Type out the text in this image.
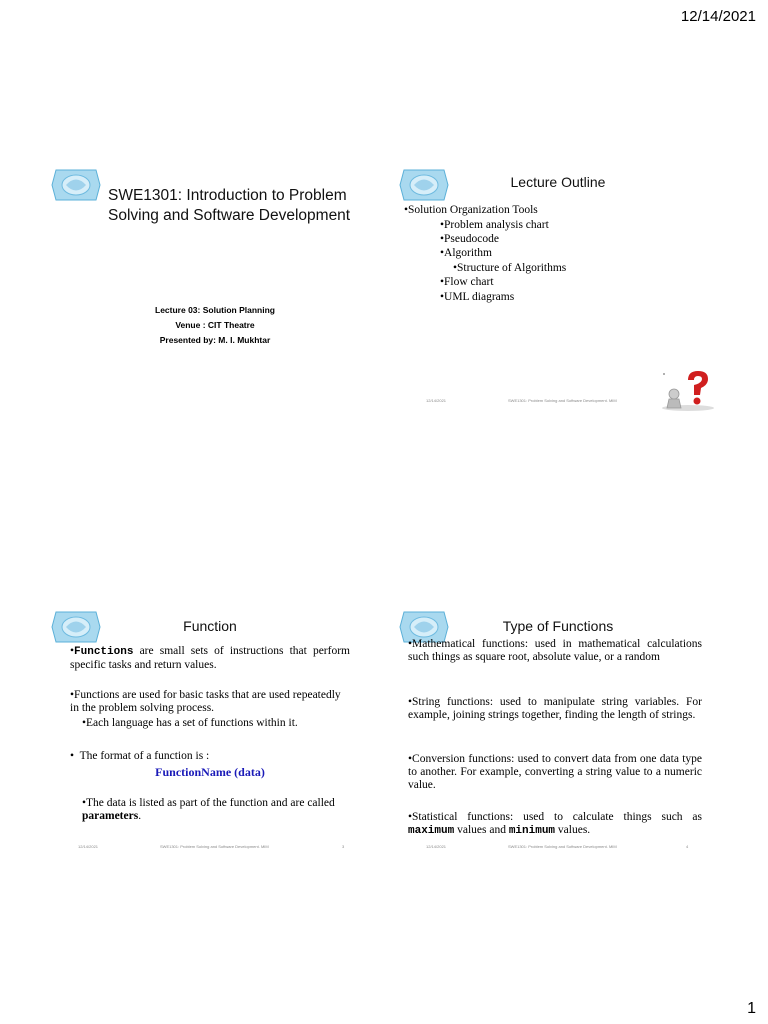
12/14/2021
SWE1301: Introduction to Problem
Solving and Software Development
Lecture 03: Solution Planning
Venue : CIT Theatre
Presented by: M. I. Mukhtar
Lecture Outline
•Solution Organization Tools
•Problem analysis chart
•Pseudocode
•Algorithm
•Structure of Algorithms
•Flow chart
•UML diagrams
12/14/2021	SWE1301: Problem Solving and Software Development. MIM
Function
•Functions are small sets of instructions that perform specific tasks and return values.
•Functions are used for basic tasks that are used repeatedly in the problem solving process.
•Each language has a set of functions within it.
•  The format of a function is :
FunctionName (data)
•The data is listed as part of the function and are called parameters.
12/14/2021	SWE1301: Problem Solving and Software Development. MIM	3
Type of Functions
•Mathematical functions: used in mathematical calculations such things as square root, absolute value, or a random
•String functions: used to manipulate string variables. For example, joining strings together, finding the length of strings.
•Conversion functions: used to convert data from one data type to another. For example, converting a string value to a numeric value.
•Statistical functions: used to calculate things such as maximum values and minimum values.
12/14/2021	SWE1301: Problem Solving and Software Development. MIM	4
1
